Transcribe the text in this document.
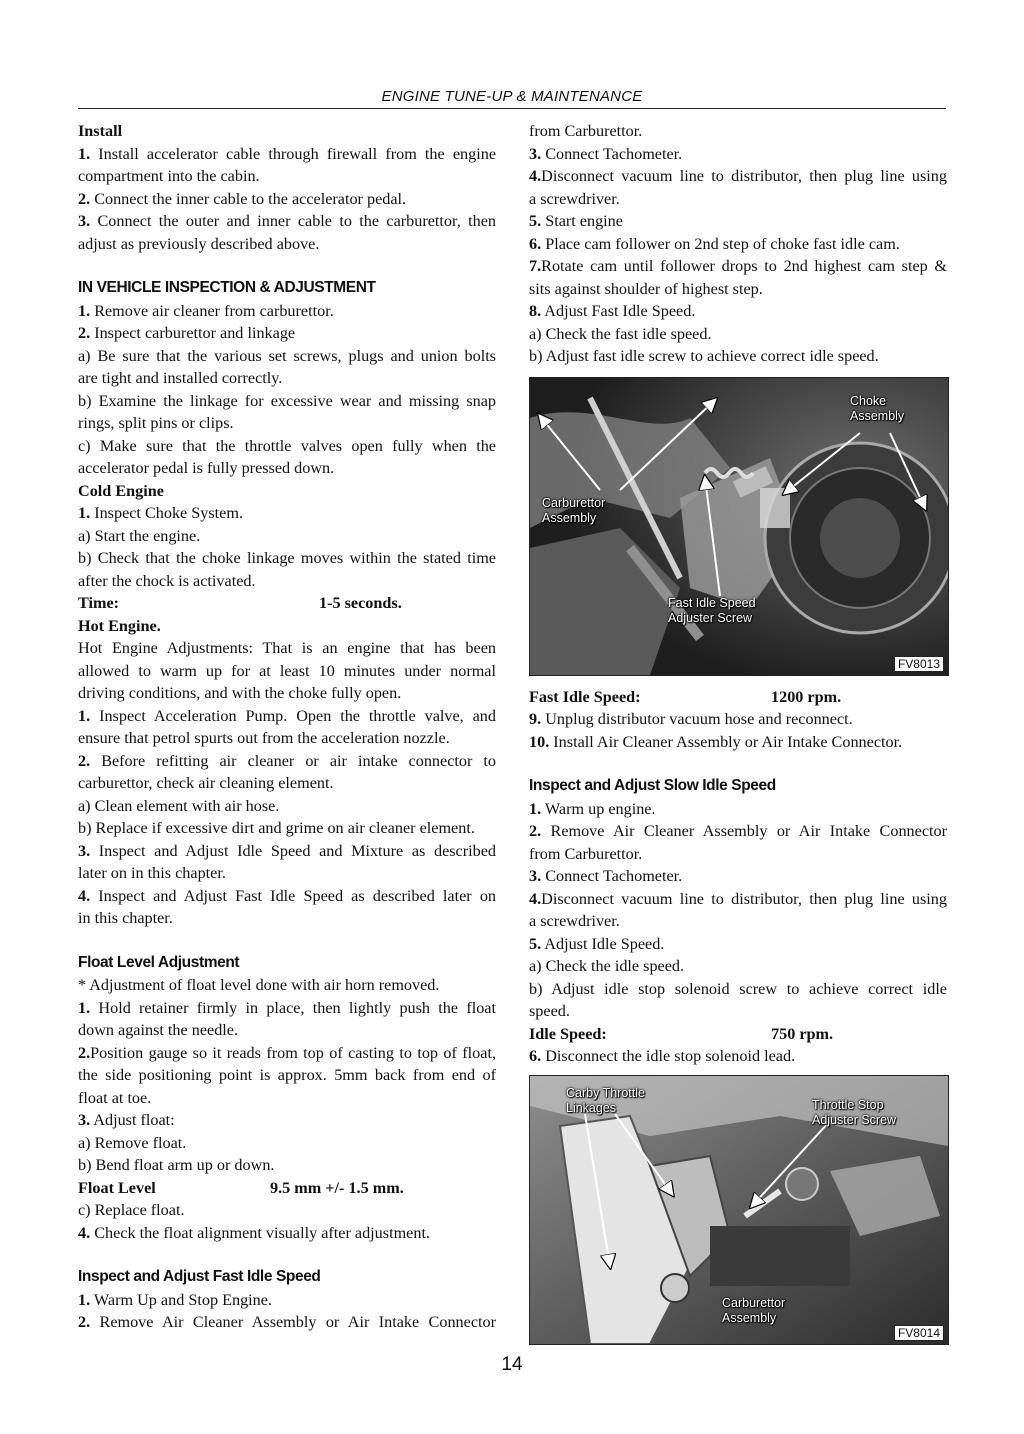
ENGINE TUNE-UP & MAINTENANCE
Install
1. Install accelerator cable through firewall from the engine
compartment into the cabin.
2. Connect the inner cable to the accelerator pedal.
3. Connect the outer and inner cable to the carburettor, then
adjust as previously described above.
IN VEHICLE INSPECTION & ADJUSTMENT
1. Remove air cleaner from carburettor.
2. Inspect carburettor and linkage
a) Be sure that the various set screws, plugs and union bolts
are tight and installed correctly.
b) Examine the linkage for excessive wear and missing snap
rings, split pins or clips.
c) Make sure that the throttle valves open fully when the
accelerator pedal is fully pressed down.
Cold Engine
1. Inspect Choke System.
a) Start the engine.
b) Check that the choke linkage moves within the stated time
after the chock is activated.
Time:	1-5 seconds.
Hot Engine.
Hot Engine Adjustments: That is an engine that has been
allowed to warm up for at least 10 minutes under normal
driving conditions, and with the choke fully open.
1. Inspect Acceleration Pump. Open the throttle valve, and
ensure that petrol spurts out from the acceleration nozzle.
2. Before refitting air cleaner or air intake connector to
carburettor, check air cleaning element.
a) Clean element with air hose.
b) Replace if excessive dirt and grime on air cleaner element.
3. Inspect and Adjust Idle Speed and Mixture as described
later on in this chapter.
4. Inspect and Adjust Fast Idle Speed as described later on
in this chapter.
Float Level Adjustment
* Adjustment of float level done with air horn removed.
1. Hold retainer firmly in place, then lightly push the float
down against the needle.
2.Position gauge so it reads from top of casting to top of float,
the side positioning point is approx. 5mm back from end of
float at toe.
3. Adjust float:
a) Remove float.
b) Bend float arm up or down.
Float Level	9.5 mm +/- 1.5 mm.
c) Replace float.
4. Check the float alignment visually after adjustment.
Inspect and Adjust Fast Idle Speed
1. Warm Up and Stop Engine.
2. Remove Air Cleaner Assembly or Air Intake Connector
from Carburettor.
3. Connect Tachometer.
4.Disconnect vacuum line to distributor, then plug line using
a screwdriver.
5. Start engine
6. Place cam follower on 2nd step of choke fast idle cam.
7.Rotate cam until follower drops to 2nd highest cam step &
sits against shoulder of highest step.
8. Adjust Fast Idle Speed.
a) Check the fast idle speed.
b) Adjust fast idle screw to achieve correct idle speed.
Choke
Assembly
Carburettor
Assembly
Fast Idle Speed
Adjuster Screw
FV8013
Fast Idle Speed:	1200 rpm.
9. Unplug distributor vacuum hose and reconnect.
10. Install Air Cleaner Assembly or Air Intake Connector.
Inspect and Adjust Slow Idle Speed
1. Warm up engine.
2. Remove Air Cleaner Assembly or Air Intake Connector
from Carburettor.
3. Connect Tachometer.
4.Disconnect vacuum line to distributor, then plug line using
a screwdriver.
5. Adjust Idle Speed.
a) Check the idle speed.
b) Adjust idle stop solenoid screw to achieve correct idle
speed.
Idle Speed:	750 rpm.
6. Disconnect the idle stop solenoid lead.
Carby Throttle
Linkages	Throttle Stop
Adjuster Screw
Carburettor
Assembly
FV8014
14
